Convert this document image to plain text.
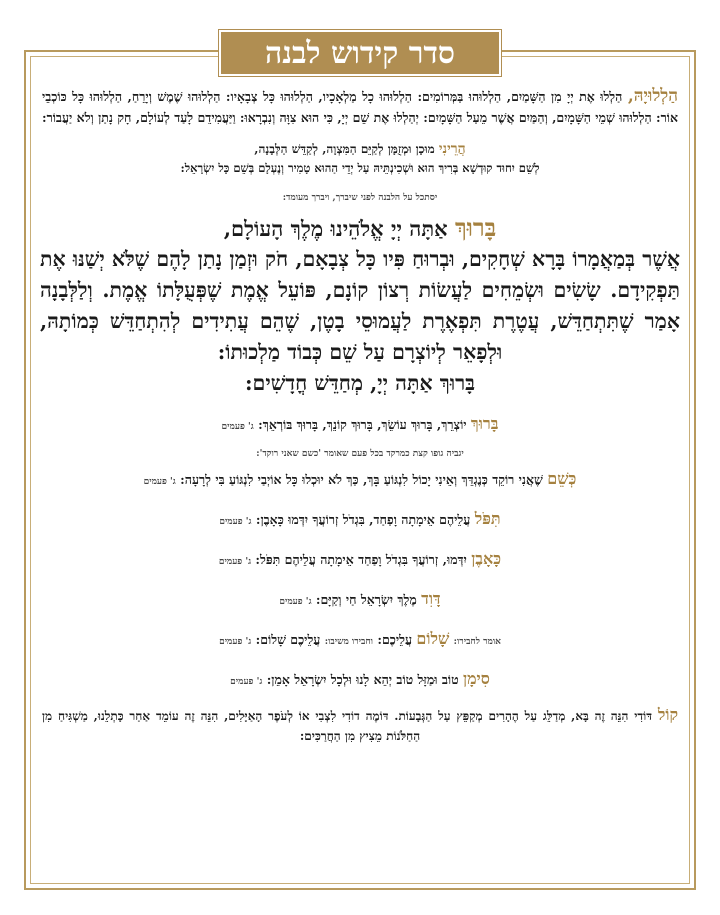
סדר קידוש לבנה

הַלְלוּיָהּ, הַלְלוּ אֶת יְיָ מִן הַשָּׁמַיִם, הַלְלוּהוּ בַּמְּרוֹמִים: הַלְלוּהוּ כָל מַלְאָכָיו, הַלְלוּהוּ כָּל צְבָאָיו: הַלְלוּהוּ שֶׁמֶשׁ וְיָרֵחַ, הַלְלוּהוּ כָּל כּוֹכְבֵי אוֹר: הַלְלוּהוּ שְׁמֵי הַשָּׁמָיִם, וְהַמַּיִם אֲשֶׁר מֵעַל הַשָּׁמָיִם: יְהַלְלוּ אֶת שֵׁם יְיָ, כִּי הוּא צִוָּה וְנִבְרָאוּ: וַיַּעֲמִידֵם לָעַד לְעוֹלָם, חָק נָתַן וְלֹא יַעֲבוֹר:

הֲרֵינִי מוּכָן וּמְזֻמָּן לְקַיֵּם הַמִּצְוָה, לְקַדֵּשׁ הַלְּבָנָה,

לְשֵׁם יִחוּד קוּדְשָׁא בְּרִיךְ הוּא וּשְׁכִינְתֵּיהּ עַל יְדֵי הַהוּא טָמִיר וְנֶעְלָם בְּשֵׁם כָּל יִשְׂרָאֵל:

יסתכל על הלבנה לפני שיברך, ויברך מעומד:

בָּרוּךְ אַתָּה יְיָ אֱלֹהֵינוּ מֶלֶךְ הָעוֹלָם,

אֲשֶׁר בְּמַאֲמָרוֹ בָּרָא שְׁחָקִים, וּבְרוּחַ פִּיו כָּל צְבָאָם, חֹק וּזְמַן נָתַן לָהֶם שֶׁלֹּא יְשַׁנּוּ אֶת תַּפְקִידָם. שָׂשִׂים וּשְׂמֵחִים לַעֲשׂוֹת רְצוֹן קוֹנָם, פּוֹעֵל אֱמֶת שֶׁפְּעֻלָּתוֹ אֱמֶת. וְלַלְּבָנָה אָמַר שֶׁתִּתְחַדֵּשׁ, עֲטֶרֶת תִּפְאֶרֶת לַעֲמוּסֵי בָטֶן, שֶׁהֵם עֲתִידִים לְהִתְחַדֵּשׁ כְּמוֹתָהּ, וּלְפָאֵר לְיוֹצְרָם עַל שֵׁם כְּבוֹד מַלְכוּתוֹ:

בָּרוּךְ אַתָּה יְיָ, מְחַדֵּשׁ חֳדָשִׁים:

בָּרוּךְ יוֹצְרֵךְ, בָּרוּךְ עוֹשֵׂךְ, בָּרוּךְ קוֹנֵךְ, בָּרוּךְ בּוֹרְאֵךְ: ג' פעמים

יגביה גופו קצת כמרקד בכל פעם שאומר 'כשם שאני רוקד':

כְּשֵׁם שֶׁאֲנִי רוֹקֵד כְּנֶגְדֵּךְ וְאֵינִי יָכוֹל לִנְגּוֹעַ בָּךְ, כַּךְ לֹא יוּכְלוּ כָּל אוֹיְבַי לִנְגּוֹעַ בִּי לְרָעָה: ג' פעמים

תִּפֹּל עֲלֵיהֶם אֵימָתָה וָפַחַד, בִּגְדֹל זְרוֹעֲךָ יִדְּמוּ כָּאָבֶן: ג' פעמים

כָּאָבֶן יִדְּמוּ, זְרוֹעֲךָ בִּגְדֹל וָפַחַד אֵימָתָה עֲלֵיהֶם תִּפֹּל: ג' פעמים

דָּוִד מֶלֶךְ יִשְׂרָאֵל חַי וְקַיָּם: ג' פעמים

אומר לחבירו: שָׁלוֹם עֲלֵיכֶם: וחבירו משיבו: עֲלֵיכֶם שָׁלוֹם: ג' פעמים

סִימָן טוֹב וּמַזָּל טוֹב יְהֵא לָנוּ וּלְכָל יִשְׂרָאֵל אָמֵן: ג' פעמים

קוֹל דּוֹדִי הִנֵּה זֶה בָּא, מְדַלֵּג עַל הֶהָרִים מְקַפֵּץ עַל הַגְּבָעוֹת. דּוֹמֶה דוֹדִי לִצְבִי אוֹ לְעֹפֶר הָאַיָּלִים, הִנֵּה זֶה עוֹמֵד אַחַר כָּתְלֵנוּ, מַשְׁגִּיחַ מִן הַחַלֹּנוֹת מֵצִיץ מִן הַחֲרַכִּים:
